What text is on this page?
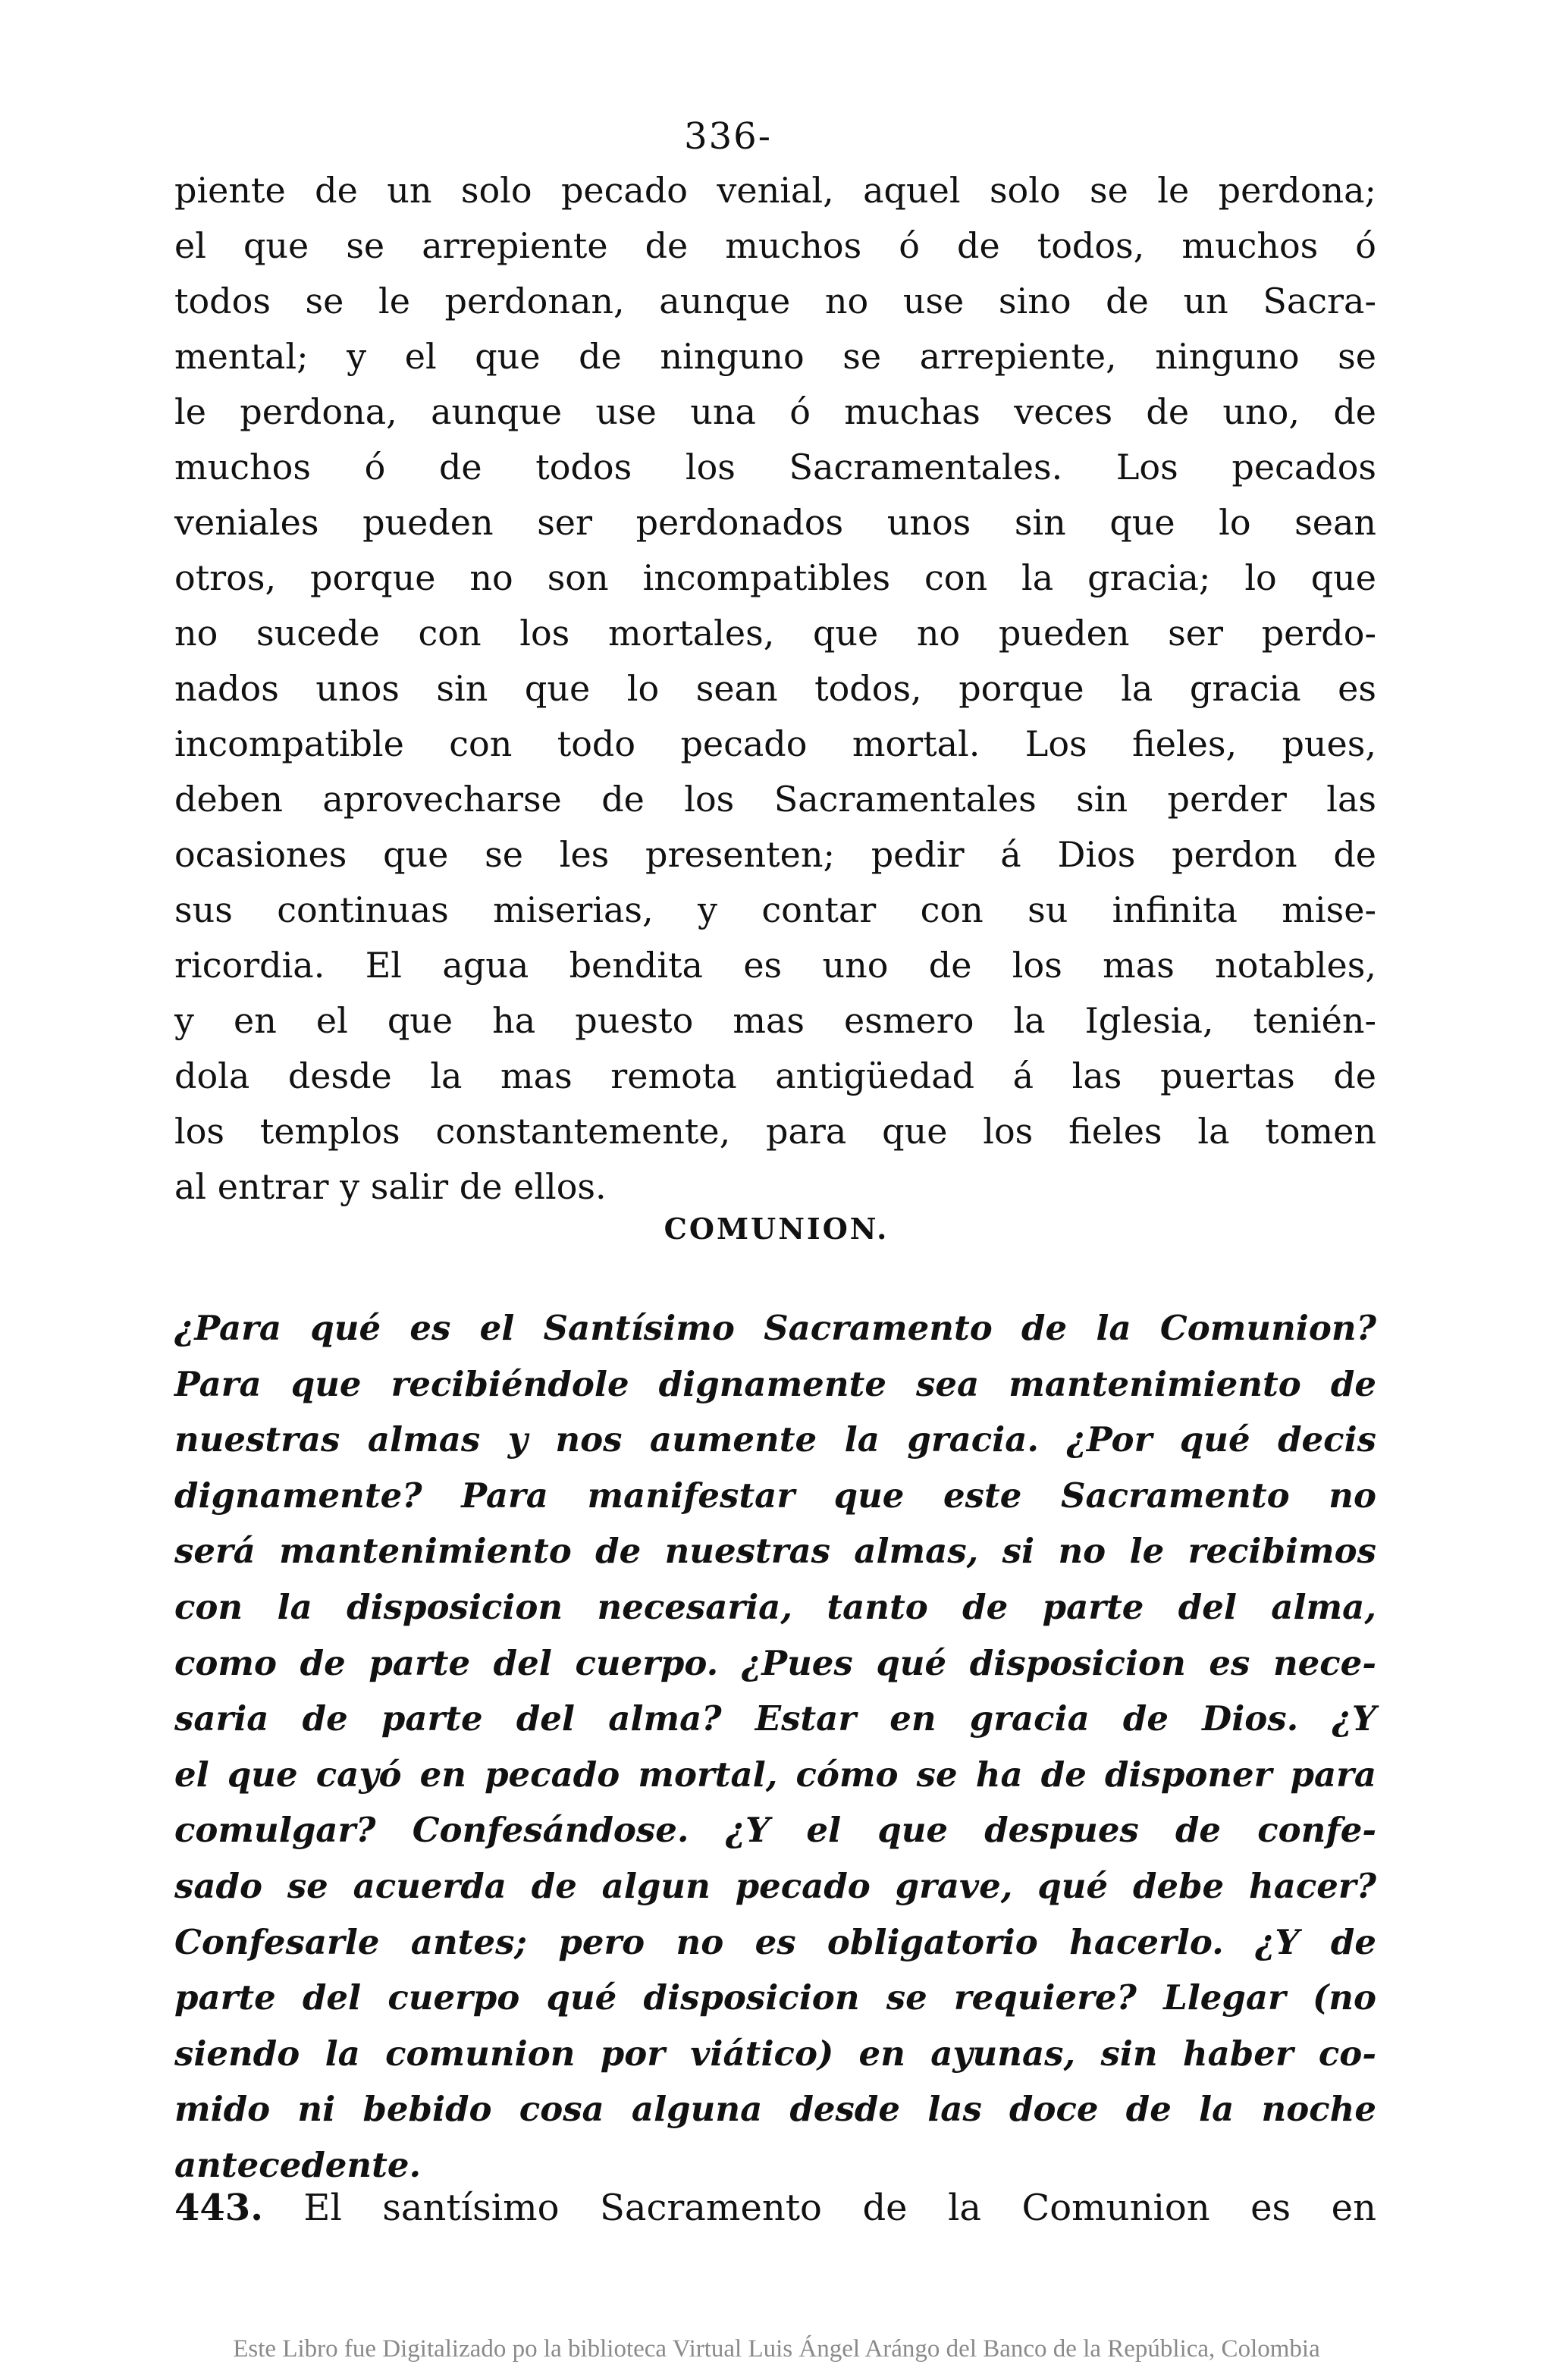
336-
piente de un solo pecado venial, aquel solo se le perdona;
el que se arrepiente de muchos ó de todos, muchos ó
todos se le perdonan, aunque no use sino de un Sacra-
mental; y el que de ninguno se arrepiente, ninguno se
le perdona, aunque use una ó muchas veces de uno, de
muchos ó de todos los Sacramentales. Los pecados
veniales pueden ser perdonados unos sin que lo sean
otros, porque no son incompatibles con la gracia; lo que
no sucede con los mortales, que no pueden ser perdo-
nados unos sin que lo sean todos, porque la gracia es
incompatible con todo pecado mortal. Los fieles, pues,
deben aprovecharse de los Sacramentales sin perder las
ocasiones que se les presenten; pedir á Dios perdon de
sus continuas miserias, y contar con su infinita mise-
ricordia. El agua bendita es uno de los mas notables,
y en el que ha puesto mas esmero la Iglesia, tenién-
dola desde la mas remota antigüedad á las puertas de
los templos constantemente, para que los fieles la tomen
al entrar y salir de ellos.
COMUNION.
¿Para qué es el Santísimo Sacramento de la Comunion?
Para que recibiéndole dignamente sea mantenimiento de
nuestras almas y nos aumente la gracia. ¿Por qué decis
dignamente? Para manifestar que este Sacramento no
será mantenimiento de nuestras almas, si no le recibimos
con la disposicion necesaria, tanto de parte del alma,
como de parte del cuerpo. ¿Pues qué disposicion es nece-
saria de parte del alma? Estar en gracia de Dios. ¿Y
el que cayó en pecado mortal, cómo se ha de disponer para
comulgar? Confesándose. ¿Y el que despues de confe-
sado se acuerda de algun pecado grave, qué debe hacer?
Confesarle antes; pero no es obligatorio hacerlo. ¿Y de
parte del cuerpo qué disposicion se requiere? Llegar (no
siendo la comunion por viático) en ayunas, sin haber co-
mido ni bebido cosa alguna desde las doce de la noche
antecedente.
443. El santísimo Sacramento de la Comunion es en
Este Libro fue Digitalizado po la biblioteca Virtual Luis Ángel Arángo del Banco de la República, Colombia
